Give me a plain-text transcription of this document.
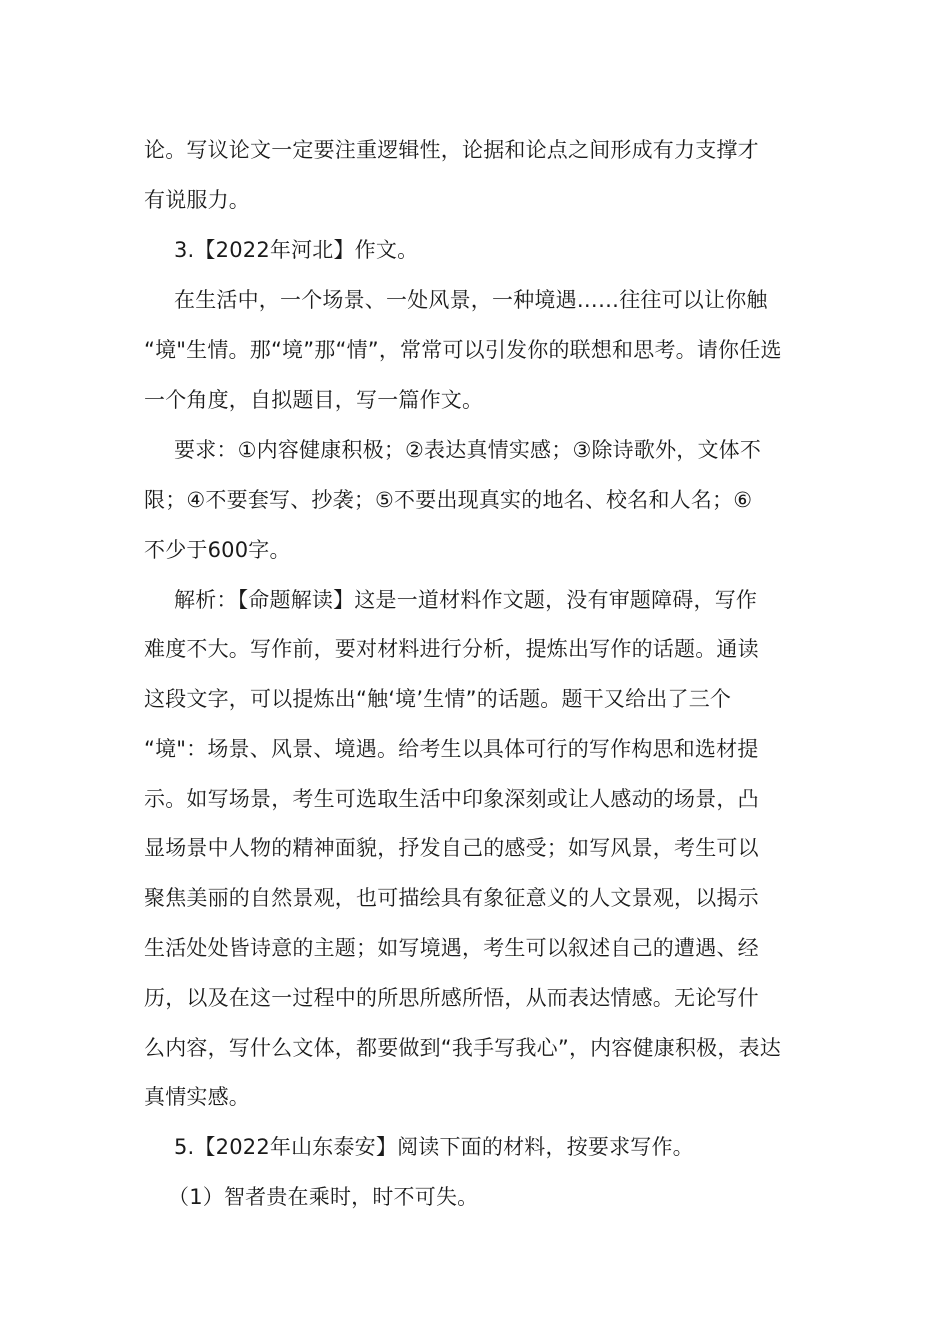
论。写议论文一定要注重逻辑性，论据和论点之间形成有力支撑才
有说服力。
3.【2022年河北】作文。
在生活中，一个场景、一处风景，一种境遇……往往可以让你触
“境"生情。那“境”那“情”，常常可以引发你的联想和思考。请你任选
一个角度，自拟题目，写一篇作文。
要求：①内容健康积极；②表达真情实感；③除诗歌外，文体不
限；④不要套写、抄袭；⑤不要出现真实的地名、校名和人名；⑥
不少于600字。
解析：【命题解读】这是一道材料作文题，没有审题障碍，写作
难度不大。写作前，要对材料进行分析，提炼出写作的话题。通读
这段文字，可以提炼出“触‘境’生情”的话题。题干又给出了三个
“境"：场景、风景、境遇。给考生以具体可行的写作构思和选材提
示。如写场景，考生可选取生活中印象深刻或让人感动的场景，凸
显场景中人物的精神面貌，抒发自己的感受；如写风景，考生可以
聚焦美丽的自然景观，也可描绘具有象征意义的人文景观，以揭示
生活处处皆诗意的主题；如写境遇，考生可以叙述自己的遭遇、经
历，以及在这一过程中的所思所感所悟，从而表达情感。无论写什
么内容，写什么文体，都要做到“我手写我心”，内容健康积极，表达
真情实感。
5.【2022年山东泰安】阅读下面的材料，按要求写作。
（1）智者贵在乘时，时不可失。
